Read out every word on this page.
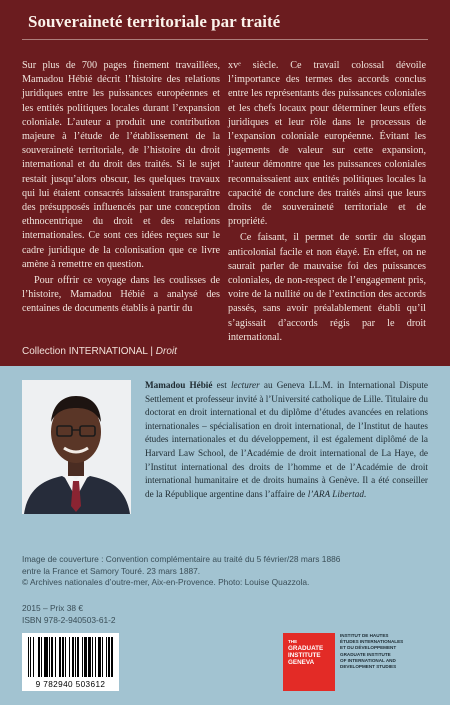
Souveraineté territoriale par traité

Sur plus de 700 pages finement travaillées, Mamadou Hébié décrit l’histoire des relations juridiques entre les puissances européennes et les entités politiques locales durant l’expansion coloniale. L’auteur a produit une contribution majeure à l’étude de l’établissement de la souveraineté territoriale, de l’histoire du droit international et du droit des traités. Si le sujet restait jusqu’alors obscur, les quelques travaux qui lui étaient consacrés laissaient transparaître des présupposés influencés par une conception ethnocentrique du droit et des relations internationales. Ce sont ces idées reçues sur le cadre juridique de la colonisation que ce livre amène à remettre en question.

Pour offrir ce voyage dans les coulisses de l’histoire, Mamadou Hébié a analysé des centaines de documents établis à partir du

xvᵉ siècle. Ce travail colossal dévoile l’importance des termes des accords conclus entre les représentants des puissances coloniales et les chefs locaux pour déterminer leurs effets juridiques et leur rôle dans le processus de l’expansion coloniale européenne. Évitant les jugements de valeur sur cette expansion, l’auteur démontre que les puissances coloniales reconnaissaient aux entités politiques locales la capacité de conclure des traités ainsi que leurs droits de souveraineté territoriale et de propriété.

Ce faisant, il permet de sortir du slogan anticolonial facile et non étayé. En effet, on ne saurait parler de mauvaise foi des puissances coloniales, de non-respect de l’engagement pris, voire de la nullité ou de l’extinction des accords passés, sans avoir préalablement établi qu’il s’agissait d’accords régis par le droit international.

Collection INTERNATIONAL | Droit
Mamadou Hébié est lecturer au Geneva LL.M. in International Dispute Settlement et professeur invité à l’Université catholique de Lille. Titulaire du doctorat en droit international et du diplôme d’études avancées en relations internationales – spécialisation en droit international, de l’Institut de hautes études internationales et du développement, il est également diplômé de la Harvard Law School, de l’Académie de droit international de La Haye, de l’Institut international des droits de l’homme et de l’Académie de droit international humanitaire et de droits humains à Genève. Il a été conseiller de la République argentine dans l’affaire de l’ARA Libertad.
Image de couverture : Convention complémentaire au traité du 5 février/28 mars 1886
entre la France et Samory Touré. 23 mars 1887.
© Archives nationales d’outre-mer, Aix-en-Provence. Photo: Louise Quazzola.
2015 – Prix 38 €
ISBN 978-2-940503-61-2
9 782940 503612
THE
GRADUATE
INSTITUTE
GENEVA
INSTITUT DE HAUTES
ÉTUDES INTERNATIONALES
ET DU DÉVELOPPEMENT
GRADUATE INSTITUTE
OF INTERNATIONAL AND
DEVELOPMENT STUDIES
